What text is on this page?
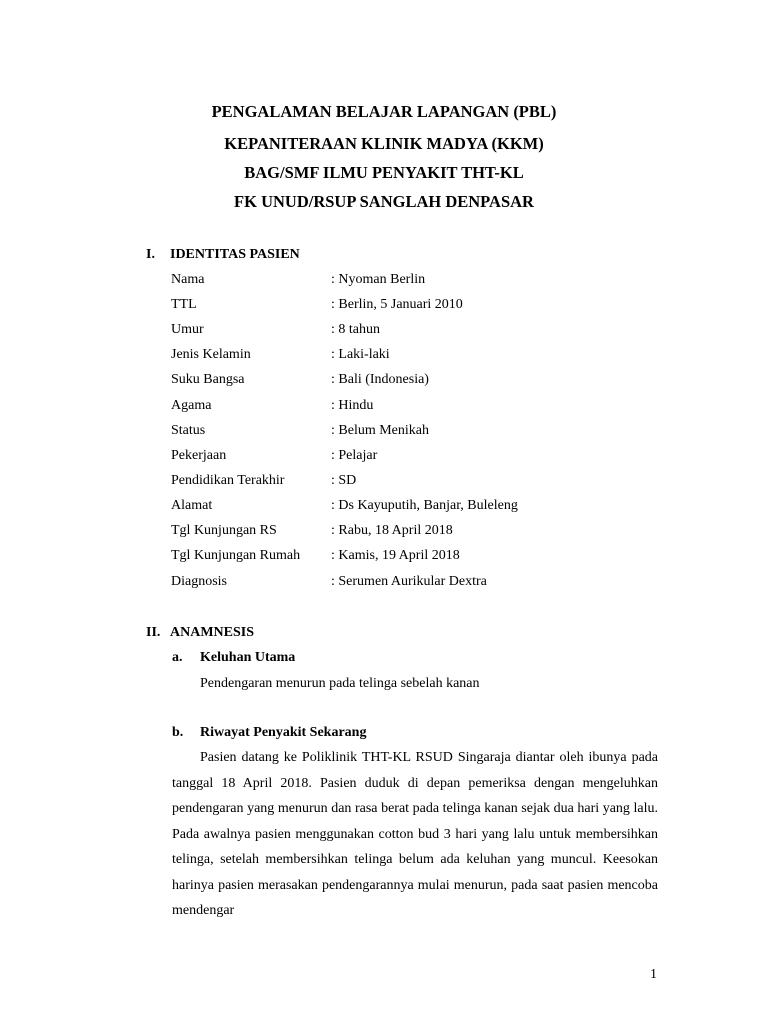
PENGALAMAN BELAJAR LAPANGAN (PBL)
KEPANITERAAN KLINIK MADYA (KKM)
BAG/SMF ILMU PENYAKIT THT-KL
FK UNUD/RSUP SANGLAH DENPASAR
I. IDENTITAS PASIEN
Nama	: Nyoman Berlin
TTL	: Berlin, 5 Januari 2010
Umur	: 8 tahun
Jenis Kelamin	: Laki-laki
Suku Bangsa	: Bali (Indonesia)
Agama	: Hindu
Status	: Belum Menikah
Pekerjaan	: Pelajar
Pendidikan Terakhir	: SD
Alamat	: Ds Kayuputih, Banjar, Buleleng
Tgl Kunjungan RS	: Rabu, 18 April 2018
Tgl Kunjungan Rumah : Kamis, 19 April 2018
Diagnosis	: Serumen Aurikular Dextra
II. ANAMNESIS
a. Keluhan Utama
Pendengaran menurun pada telinga sebelah kanan
b. Riwayat Penyakit Sekarang
Pasien datang ke Poliklinik THT-KL RSUD Singaraja diantar oleh ibunya pada tanggal 18 April 2018. Pasien duduk di depan pemeriksa dengan mengeluhkan pendengaran yang menurun dan rasa berat pada telinga kanan sejak dua hari yang lalu. Pada awalnya pasien menggunakan cotton bud 3 hari yang lalu untuk membersihkan telinga, setelah membersihkan telinga belum ada keluhan yang muncul. Keesokan harinya pasien merasakan pendengarannya mulai menurun, pada saat pasien mencoba mendengar
1
